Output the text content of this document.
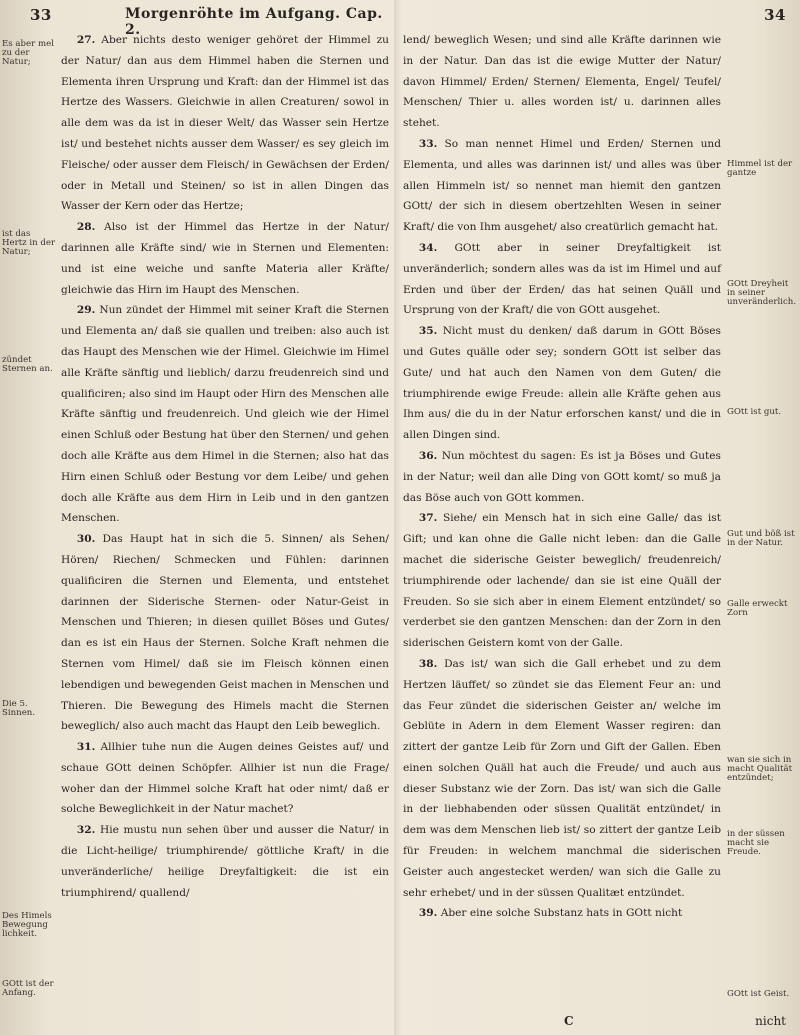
33	Morgenröhte im Aufgang. Cap. 2.
34
Es aber mel zu der Natur;
ist das Hertz in der Natur;
zündet Sternen an.
Die 5. Sinnen.
Des Himels Bewegung lichkeit.
GOtt ist der Anfang.

27. Aber nichts desto weniger gehöret der Himmel zu der Natur/ dan aus dem Himmel haben die Sternen und Elementa ihren Ursprung und Kraft: dan der Himmel ist das Hertze des Wassers. Gleichwie in allen Creaturen/ sowol in alle dem was da ist in dieser Welt/ das Wasser sein Hertze ist/ und bestehet nichts ausser dem Wasser/ es sey gleich im Fleische/ oder ausser dem Fleisch/ in Gewächsen der Erden/ oder in Metall und Steinen/ so ist in allen Dingen das Wasser der Kern oder das Hertze;

28. Also ist der Himmel das Hertze in der Natur/ darinnen alle Kräfte sind/ wie in Sternen und Elementen: und ist eine weiche und sanfte Materia aller Kräfte/ gleichwie das Hirn im Haupt des Menschen.

29. Nun zündet der Himmel mit seiner Kraft die Sternen und Elementa an/ daß sie quallen und treiben: also auch ist das Haupt des Menschen wie der Himel. Gleichwie im Himel alle Kräfte sänftig und lieblich/ darzu freudenreich sind und qualificiren; also sind im Haupt oder Hirn des Menschen alle Kräfte sänftig und freudenreich. Und gleich wie der Himel einen Schluß oder Bestung hat über den Sternen/ und gehen doch alle Kräfte aus dem Himel in die Sternen; also hat das Hirn einen Schluß oder Bestung vor dem Leibe/ und gehen doch alle Kräfte aus dem Hirn in Leib und in den gantzen Menschen.

30. Das Haupt hat in sich die 5. Sinnen/ als Sehen/ Hören/ Riechen/ Schmecken und Fühlen: darinnen qualificiren die Sternen und Elementa, und entstehet darinnen der Siderische Sternen- oder Natur-Geist in Menschen und Thieren; in diesen quillet Böses und Gutes/ dan es ist ein Haus der Sternen. Solche Kraft nehmen die Sternen vom Himel/ daß sie im Fleisch können einen lebendigen und bewegenden Geist machen in Menschen und Thieren. Die Bewegung des Himels macht die Sternen beweglich/ also auch macht das Haupt den Leib beweglich.

31. Allhier tuhe nun die Augen deines Geistes auf/ und schaue GOtt deinen Schöpfer. Allhier ist nun die Frage/ woher dan der Himmel solche Kraft hat oder nimt/ daß er solche Beweglichkeit in der Natur machet?

32. Hie mustu nun sehen über und ausser die Natur/ in die Licht-heilige/ triumphirende/ göttliche Kraft/ in die unveränderliche/ heilige Dreyfaltigkeit: die ist ein triumphirend/ quallend/

lend/ beweglich Wesen; und sind alle Kräfte darinnen wie in der Natur. Dan das ist die ewige Mutter der Natur/ davon Himmel/ Erden/ Sternen/ Elementa, Engel/ Teufel/ Menschen/ Thier u. alles worden ist/ u. darinnen alles stehet.

33. So man nennet Himel und Erden/ Sternen und Elementa, und alles was darinnen ist/ und alles was über allen Himmeln ist/ so nennet man hiemit den gantzen GOtt/ der sich in diesem obertzehlten Wesen in seiner Kraft/ die von Ihm ausgehet/ also creatürlich gemacht hat.

34. GOtt aber in seiner Dreyfaltigkeit ist unveränderlich; sondern alles was da ist im Himel und auf Erden und über der Erden/ das hat seinen Quäll und Ursprung von der Kraft/ die von GOtt ausgehet.

35. Nicht must du denken/ daß darum in GOtt Böses und Gutes quälle oder sey; sondern GOtt ist selber das Gute/ und hat auch den Namen von dem Guten/ die triumphirende ewige Freude: allein alle Kräfte gehen aus Ihm aus/ die du in der Natur erforschen kanst/ und die in allen Dingen sind.

36. Nun möchtest du sagen: Es ist ja Böses und Gutes in der Natur; weil dan alle Ding von GOtt komt/ so muß ja das Böse auch von GOtt kommen.

37. Siehe/ ein Mensch hat in sich eine Galle/ das ist Gift; und kan ohne die Galle nicht leben: dan die Galle machet die siderische Geister beweglich/ freudenreich/ triumphirende oder lachende/ dan sie ist eine Quäll der Freuden. So sie sich aber in einem Element entzündet/ so verderbet sie den gantzen Menschen: dan der Zorn in den siderischen Geistern komt von der Galle.

38. Das ist/ wan sich die Gall erhebet und zu dem Hertzen läuffet/ so zündet sie das Element Feur an: und das Feur zündet die siderischen Geister an/ welche im Geblüte in Adern in dem Element Wasser regiren: dan zittert der gantze Leib für Zorn und Gift der Gallen. Eben einen solchen Quäll hat auch die Freude/ und auch aus dieser Substanz wie der Zorn. Das ist/ wan sich die Galle in der liebhabenden oder süssen Qualität entzündet/ in dem was dem Menschen lieb ist/ so zittert der gantze Leib für Freuden: in welchem manchmal die siderischen Geister auch angestecket werden/ wan sich die Galle zu sehr erhebet/ und in der süssen Qualitæt entzündet.

39. Aber eine solche Substanz hats in GOtt nicht

Himmel ist der gantze
GOtt Dreyheit in seiner unveränderlich.
GOtt ist gut.
Gut und böß ist in der Natur.
Galle erweckt Zorn
wan sie sich in macht Qualität entzündet;
in der süssen macht sie Freude.
GOtt ist Geist.
C	nicht
